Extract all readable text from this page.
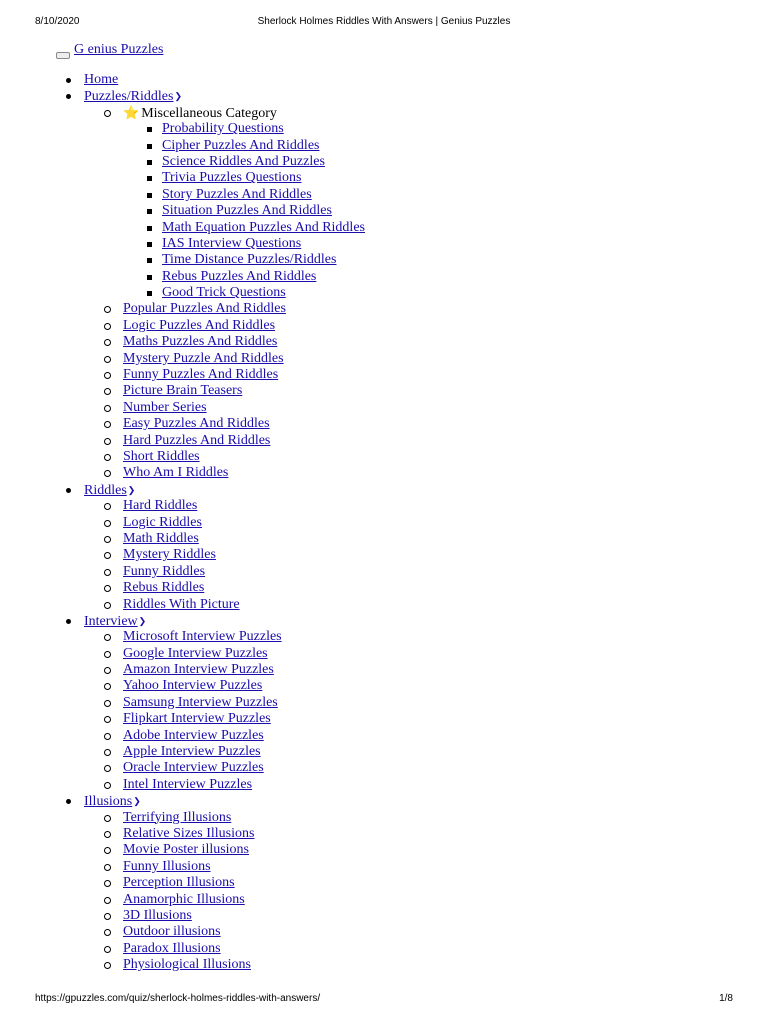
8/10/2020	Sherlock Holmes Riddles With Answers | Genius Puzzles
G enius Puzzles
Home
Puzzles/Riddles❯
⭐ Miscellaneous Category
Probability Questions
Cipher Puzzles And Riddles
Science Riddles And Puzzles
Trivia Puzzles Questions
Story Puzzles And Riddles
Situation Puzzles And Riddles
Math Equation Puzzles And Riddles
IAS Interview Questions
Time Distance Puzzles/Riddles
Rebus Puzzles And Riddles
Good Trick Questions
Popular Puzzles And Riddles
Logic Puzzles And Riddles
Maths Puzzles And Riddles
Mystery Puzzle And Riddles
Funny Puzzles And Riddles
Picture Brain Teasers
Number Series
Easy Puzzles And Riddles
Hard Puzzles And Riddles
Short Riddles
Who Am I Riddles
Riddles❯
Hard Riddles
Logic Riddles
Math Riddles
Mystery Riddles
Funny Riddles
Rebus Riddles
Riddles With Picture
Interview❯
Microsoft Interview Puzzles
Google Interview Puzzles
Amazon Interview Puzzles
Yahoo Interview Puzzles
Samsung Interview Puzzles
Flipkart Interview Puzzles
Adobe Interview Puzzles
Apple Interview Puzzles
Oracle Interview Puzzles
Intel Interview Puzzles
Illusions❯
Terrifying Illusions
Relative Sizes Illusions
Movie Poster illusions
Funny Illusions
Perception Illusions
Anamorphic Illusions
3D Illusions
Outdoor illusions
Paradox Illusions
Physiological Illusions
https://gpuzzles.com/quiz/sherlock-holmes-riddles-with-answers/	1/8
